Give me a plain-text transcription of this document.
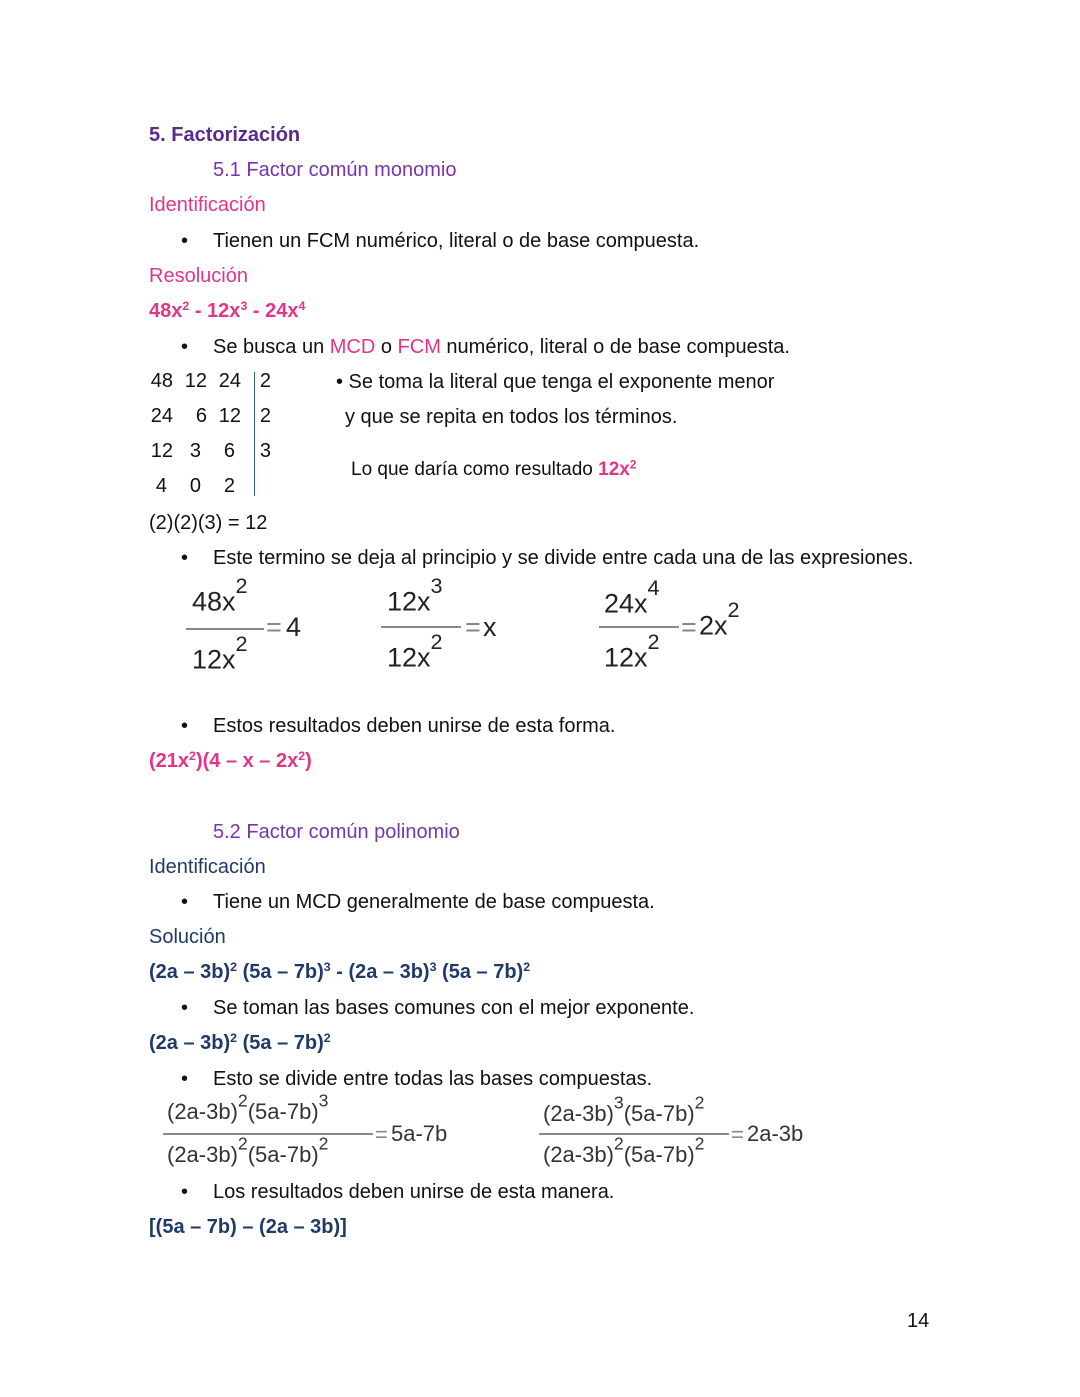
5. Factorización
5.1 Factor común monomio
Identificación
• Tienen un FCM numérico, literal o de base compuesta.
Resolución
$48x^2 - 12x^3 - 24x^4$
• Se busca un MCD o FCM numérico, literal o de base compuesta.
48 12 24 2
24	6 12 2
12 3	6 3
4	0	2
(2)(2)(3) = 12
• Se toma la literal que tenga el exponente menor
y que se repita en todos los términos.
Lo que daría como resultado $12x^2$
• Este termino se deja al principio y se divide entre cada una de las expresiones.
$48x^2$
= 4
$12x^2$
$12x^3$
= x
$12x^2$
$24x^4$
= $2x^2$
$12x^2$
• Estos resultados deben unirse de esta forma.
$(21x^2)(4$ – x – $2x^2$)
5.2 Factor común polinomio
Identificación
• Tiene un MCD generalmente de base compuesta.
Solución
(2a – 3b)$^2$ (5a – 7b)$^3$ - (2a – 3b)$^3$ (5a – 7b)$^2$
• Se toman las bases comunes con el mejor exponente.
(2a – 3b)$^2$ (5a – 7b)$^2$
• Esto se divide entre todas las bases compuestas.
$(2a-3b)^2(5a-7b)^3$
= 5a-7b
$(2a-3b)^2(5a-7b)^2$
$(2a-3b)^3(5a-7b)^2$
= 2a-3b
$(2a-3b)^2(5a-7b)^2$
• Los resultados deben unirse de esta manera.
[(5a – 7b) – (2a – 3b)]
14
